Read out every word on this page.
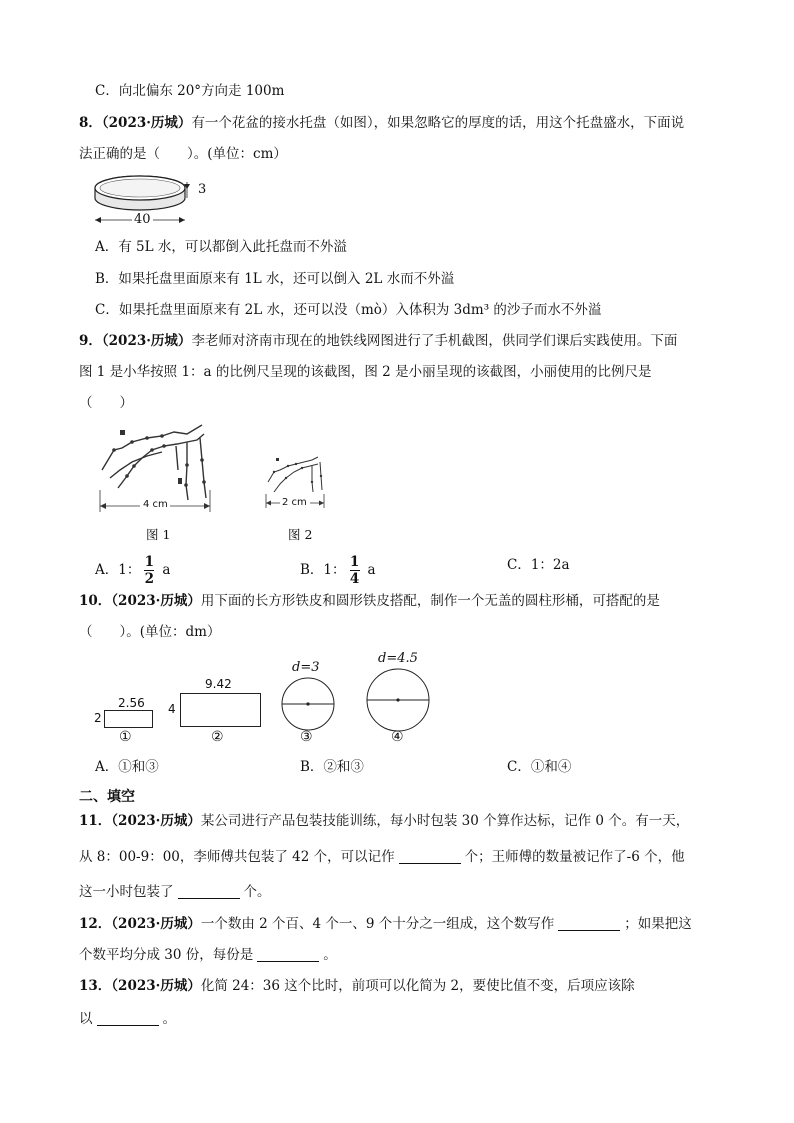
C．向北偏东 20°方向走 100m
8．（2023·历城）有一个花盆的接水托盘（如图），如果忽略它的厚度的话，用这个托盘盛水，下面说
法正确的是（　　）。(单位：cm）
3
40
A．有 5L 水，可以都倒入此托盘而不外溢
B．如果托盘里面原来有 1L 水，还可以倒入 2L 水而不外溢
C．如果托盘里面原来有 2L 水，还可以没（mò）入体积为 3dm³ 的沙子而水不外溢
9．（2023·历城）李老师对济南市现在的地铁线网图进行了手机截图，供同学们课后实践使用。下面
图 1 是小华按照 1：a 的比例尺呈现的该截图，图 2 是小丽呈现的该截图，小丽使用的比例尺是
（　　）
4 cm
图 1
2 cm
图 2
A．1： $\frac{1}{2}$ a	B．1： $\frac{1}{4}$ a	C．1：2a
10．（2023·历城）用下面的长方形铁皮和圆形铁皮搭配，制作一个无盖的圆柱形桶，可搭配的是
（　　）。(单位：dm）
2.56
2
①
9.42
4
②
d=3
③
d=4.5
④
A．①和③	B．②和③	C．①和④
二、填空
11．（2023·历城）某公司进行产品包装技能训练，每小时包装 30 个算作达标，记作 0 个。有一天，
从 8：00-9：00，李师傅共包装了 42 个，可以记作	个；王师傅的数量被记作了-6 个，他
这一小时包装了	个。
12．（2023·历城）一个数由 2 个百、4 个一、9 个十分之一组成，这个数写作	；如果把这
个数平均分成 30 份，每份是	。
13．（2023·历城）化简 24：36 这个比时，前项可以化简为 2，要使比值不变，后项应该除
以	。
